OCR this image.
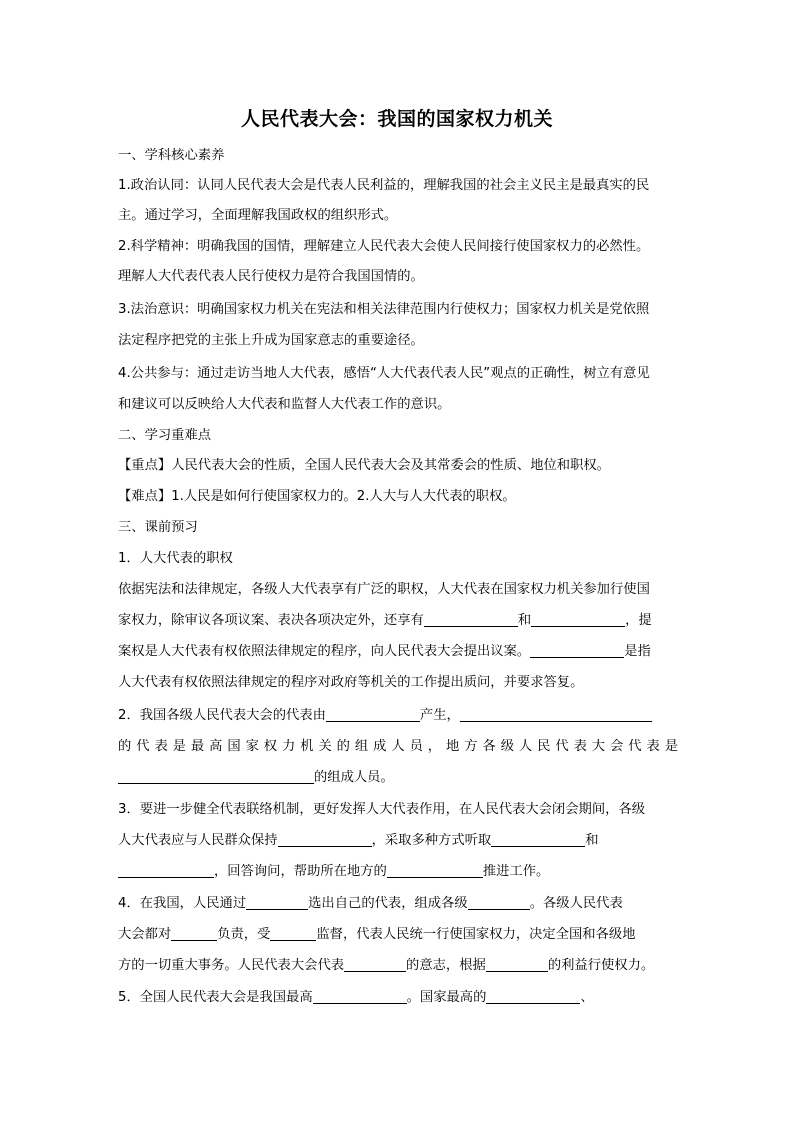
人民代表大会：我国的国家权力机关
一、学科核心素养
1.政治认同：认同人民代表大会是代表人民利益的，理解我国的社会主义民主是最真实的民
主。通过学习，全面理解我国政权的组织形式。
2.科学精神：明确我国的国情，理解建立人民代表大会使人民间接行使国家权力的必然性。
理解人大代表代表人民行使权力是符合我国国情的。
3.法治意识：明确国家权力机关在宪法和相关法律范围内行使权力；国家权力机关是党依照
法定程序把党的主张上升成为国家意志的重要途径。
4.公共参与：通过走访当地人大代表，感悟“人大代表代表人民”观点的正确性，树立有意见
和建议可以反映给人大代表和监督人大代表工作的意识。
二、学习重难点
【重点】人民代表大会的性质，全国人民代表大会及其常委会的性质、地位和职权。
【难点】1.人民是如何行使国家权力的。2.人大与人大代表的职权。
三、课前预习
1．人大代表的职权
依据宪法和法律规定，各级人大代表享有广泛的职权，人大代表在国家权力机关参加行使国
家权力，除审议各项议案、表决各项决定外，还享有	和	，提
案权是人大代表有权依照法律规定的程序，向人民代表大会提出议案。	是指
人大代表有权依照法律规定的程序对政府等机关的工作提出质问，并要求答复。
2．我国各级人民代表大会的代表由	产生，
的代表是最高国家权力机关的组成人员，地方各级人民代表大会代表是
的组成人员。
3．要进一步健全代表联络机制，更好发挥人大代表作用，在人民代表大会闭会期间，各级
人大代表应与人民群众保持	，采取多种方式听取	和
，回答询问，帮助所在地方的	推进工作。
4．在我国，人民通过	选出自己的代表，组成各级	。各级人民代表
大会都对	负责，受	监督，代表人民统一行使国家权力，决定全国和各级地
方的一切重大事务。人民代表大会代表	的意志，根据	的利益行使权力。
5．全国人民代表大会是我国最高	。国家最高的	、
